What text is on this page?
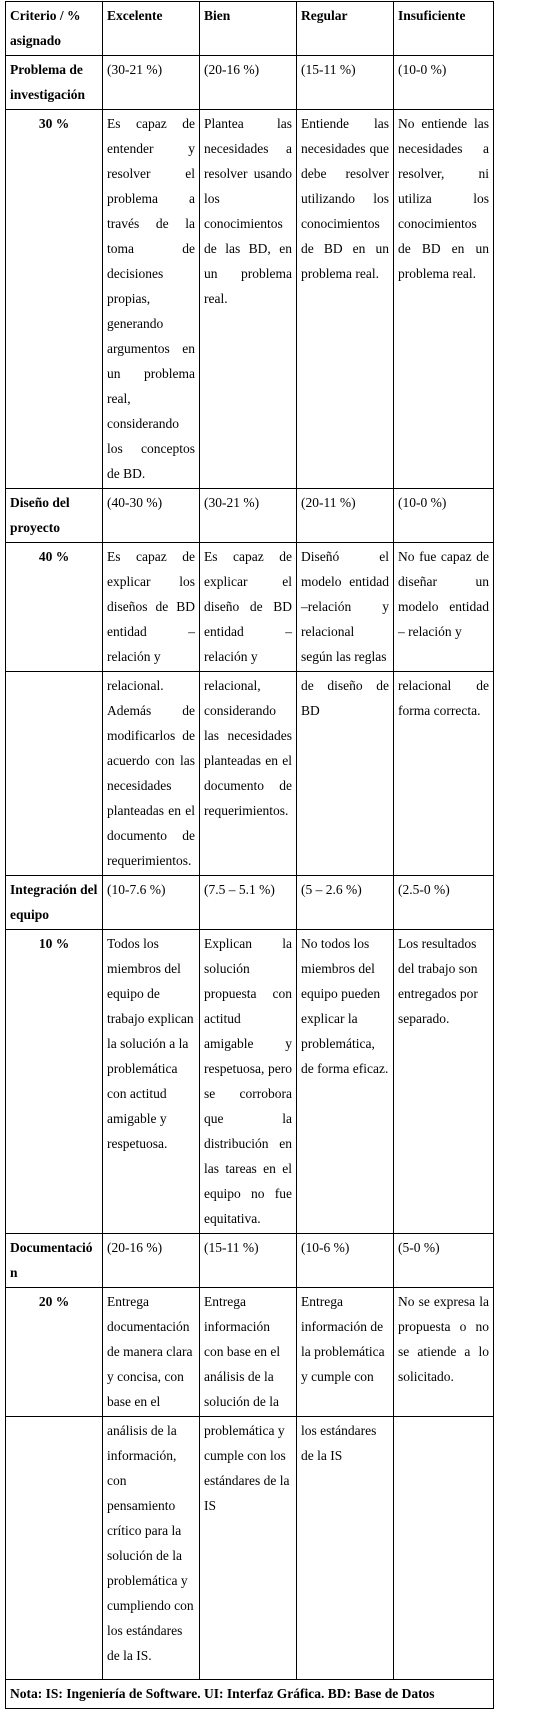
Criterio / % asignado	Excelente	Bien	Regular	Insuficiente
Problema de investigación	(30-21 %)	(20-16 %)	(15-11 %)	(10-0 %)
30 %	Es capaz de entender y resolver el problema a través de la toma de decisiones propias, generando argumentos en un problema real, considerando los conceptos de BD.	Plantea las necesidades a resolver usando los conocimientos de las BD, en un problema real.	Entiende las necesidades que debe resolver utilizando los conocimientos de BD en un problema real.	No entiende las necesidades a resolver, ni utiliza los conocimientos de BD en un problema real.
Diseño del proyecto	(40-30 %)	(30-21 %)	(20-11 %)	(10-0 %)
40 %	Es capaz de explicar los diseños de BD entidad – relación y	Es capaz de explicar el diseño de BD entidad – relación y	Diseñó el modelo entidad –relación y relacional según las reglas	No fue capaz de diseñar un modelo entidad – relación y
	relacional. Además de modificarlos de acuerdo con las necesidades planteadas en el documento de requerimientos.	relacional, considerando las necesidades planteadas en el documento de requerimientos.	de diseño de BD	relacional de forma correcta.
Integración del equipo	(10-7.6 %)	(7.5 – 5.1 %)	(5 – 2.6 %)	(2.5-0 %)
10 %	Todos los miembros del equipo de trabajo explican la solución a la problemática con actitud amigable y respetuosa.	Explican la solución propuesta con actitud amigable y respetuosa, pero se corrobora que la distribución en las tareas en el equipo no fue equitativa.	No todos los miembros del equipo pueden explicar la problemática, de forma eficaz.	Los resultados del trabajo son entregados por separado.
Documentació n	(20-16 %)	(15-11 %)	(10-6 %)	(5-0 %)
20 %	Entrega documentación de manera clara y concisa, con base en el	Entrega información con base en el análisis de la solución de la	Entrega información de la problemática y cumple con	No se expresa la propuesta o no se atiende a lo solicitado.
	análisis de la información, con pensamiento crítico para la solución de la problemática y cumpliendo con los estándares de la IS.	problemática y cumple con los estándares de la IS	los estándares de la IS	
Nota: IS: Ingeniería de Software. UI: Interfaz Gráfica. BD: Base de Datos				
